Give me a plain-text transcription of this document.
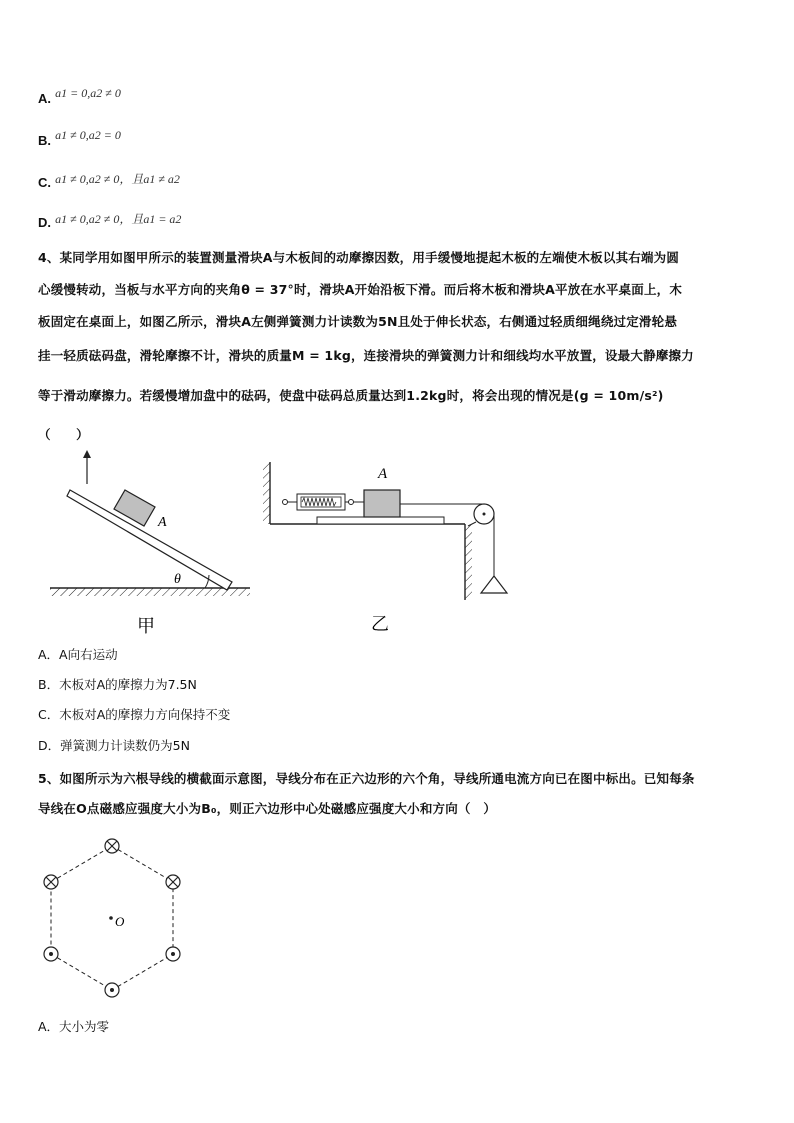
A. a1 = 0,a2 ≠ 0
B. a1 ≠ 0,a2 = 0
C. a1 ≠ 0,a2 ≠ 0，且a1 ≠ a2
D. a1 ≠ 0,a2 ≠ 0，且a1 = a2
4、某同学用如图甲所示的装置测量滑块A与木板间的动摩擦因数，用手缓慢地提起木板的左端使木板以其右端为圆
心缓慢转动，当板与水平方向的夹角θ = 37°时，滑块A开始沿板下滑。而后将木板和滑块A平放在水平桌面上，木
板固定在桌面上，如图乙所示，滑块A左侧弹簧测力计读数为5N且处于伸长状态，右侧通过轻质细绳绕过定滑轮悬
挂一轻质砝码盘，滑轮摩擦不计，滑块的质量M = 1kg，连接滑块的弹簧测力计和细线均水平放置，设最大静摩擦力
等于滑动摩擦力。若缓慢增加盘中的砝码，使盘中砝码总质量达到1.2kg时，将会出现的情况是(g = 10m/s²)
（　　）
A
θ
甲
A
乙
A．A向右运动
B．木板对A的摩擦力为7.5N
C．木板对A的摩擦力方向保持不变
D．弹簧测力计读数仍为5N
5、如图所示为六根导线的横截面示意图，导线分布在正六边形的六个角，导线所通电流方向已在图中标出。已知每条
导线在O点磁感应强度大小为B₀，则正六边形中心处磁感应强度大小和方向（　）
O
A．大小为零
